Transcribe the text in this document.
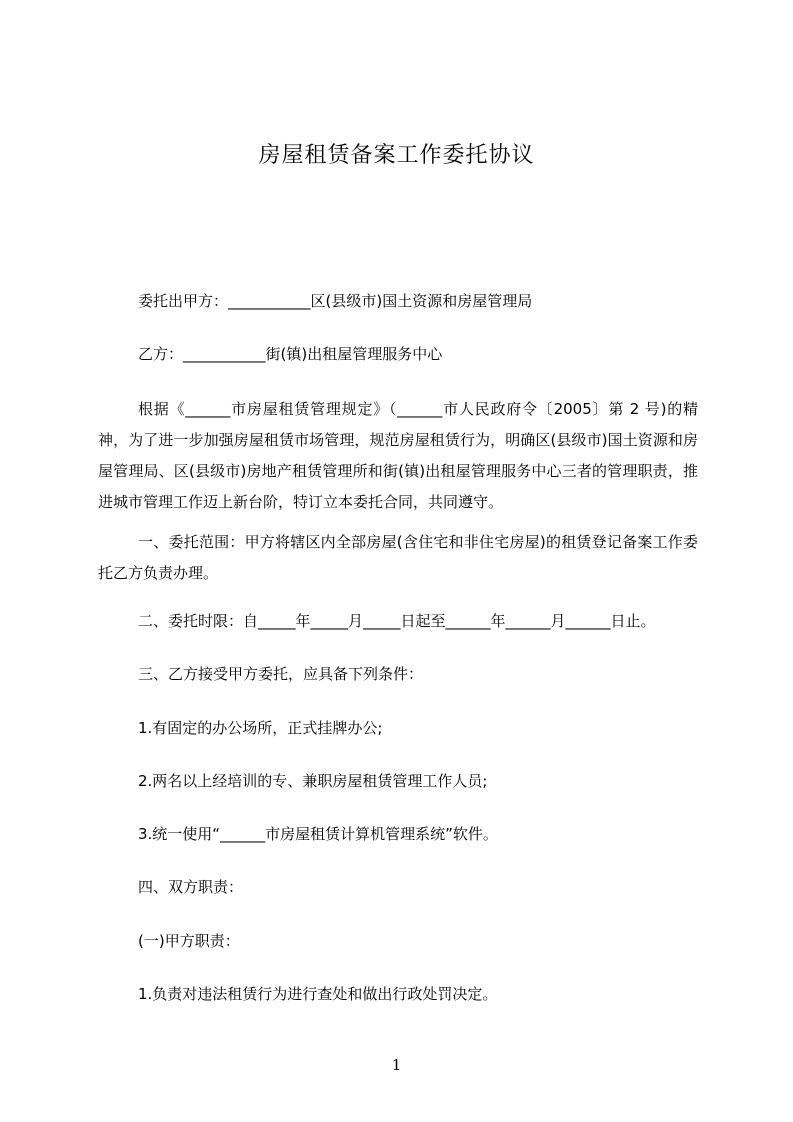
房屋租赁备案工作委托协议
委托出甲方：___________区(县级市)国土资源和房屋管理局
乙方：___________街(镇)出租屋管理服务中心
根据《______市房屋租赁管理规定》（______市人民政府令〔2005〕第 2 号)的精神，为了进一步加强房屋租赁市场管理，规范房屋租赁行为，明确区(县级市)国土资源和房屋管理局、区(县级市)房地产租赁管理所和街(镇)出租屋管理服务中心三者的管理职责，推进城市管理工作迈上新台阶，特订立本委托合同，共同遵守。
一、委托范围：甲方将辖区内全部房屋(含住宅和非住宅房屋)的租赁登记备案工作委托乙方负责办理。
二、委托时限：自_____年_____月_____日起至______年______月______日止。
三、乙方接受甲方委托，应具备下列条件：
1.有固定的办公场所，正式挂牌办公;
2.两名以上经培训的专、兼职房屋租赁管理工作人员;
3.统一使用“______市房屋租赁计算机管理系统”软件。
四、双方职责：
(一)甲方职责：
1.负责对违法租赁行为进行查处和做出行政处罚决定。
1
